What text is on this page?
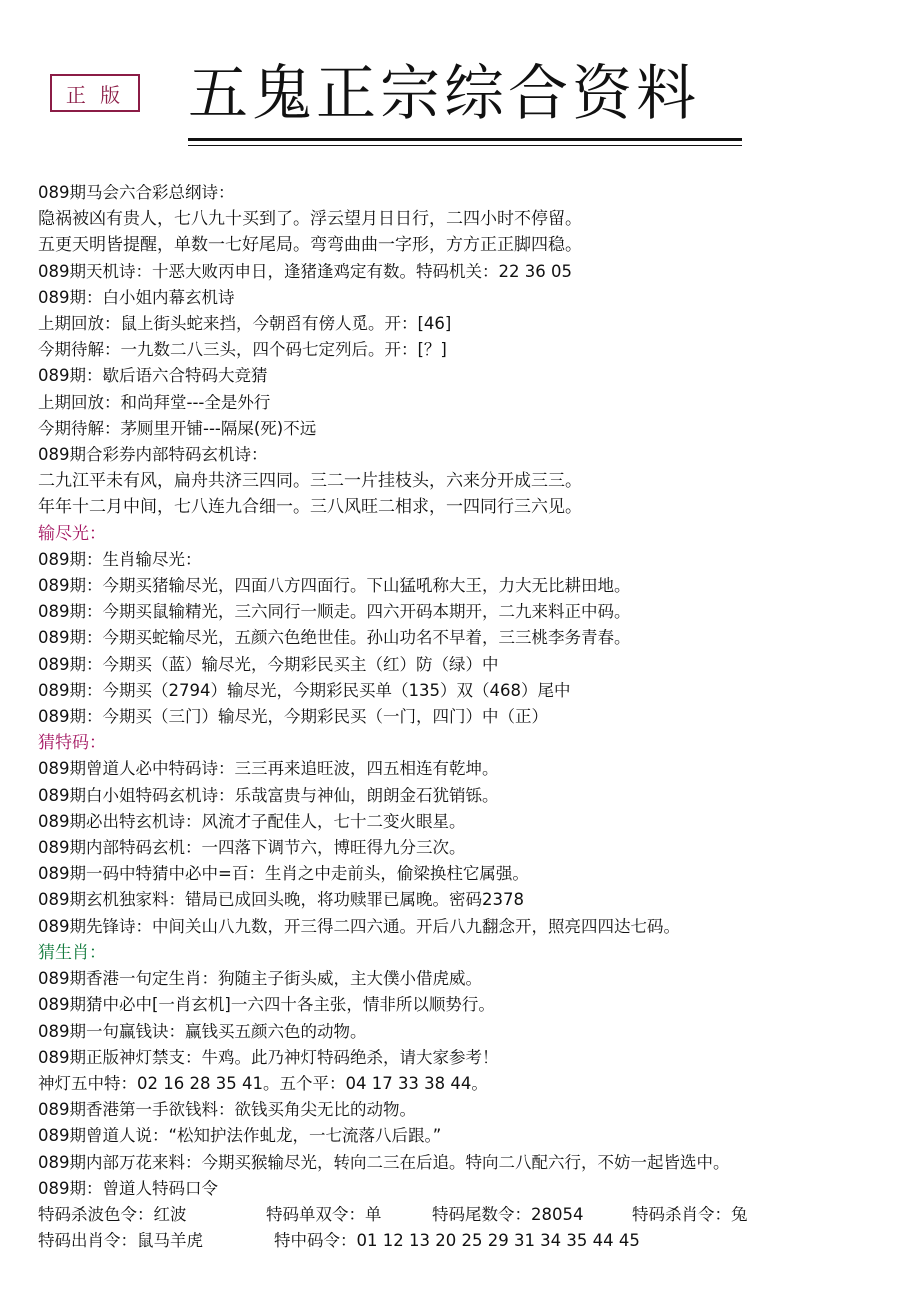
正 版 五鬼正宗综合资料
089期马会六合彩总纲诗：
隐祸被凶有贵人，七八九十买到了。浮云望月日日行，二四小时不停留。
五更天明皆提醒，单数一七好尾局。弯弯曲曲一字形，方方正正脚四稳。
089期天机诗：十恶大败丙申日，逢猪逢鸡定有数。特码机关：22 36 05
089期：白小姐内幕玄机诗
上期回放：鼠上街头蛇来挡，今朝舀有傍人觅。开：[46]
今期待解：一九数二八三头，四个码七定列后。开：[？]
089期：歇后语六合特码大竞猜
上期回放：和尚拜堂---全是外行
今期待解：茅厕里开铺---隔屎(死)不远
089期合彩券内部特码玄机诗：
二九江平未有风，扁舟共济三四同。三二一片挂枝头，六来分开成三三。
年年十二月中间，七八连九合细一。三八风旺二相求，一四同行三六见。
输尽光：
089期：生肖输尽光：
089期：今期买猪输尽光，四面八方四面行。下山猛吼称大王，力大无比耕田地。
089期：今期买鼠输精光，三六同行一顺走。四六开码本期开，二九来料正中码。
089期：今期买蛇输尽光，五颜六色绝世佳。孙山功名不早着，三三桃李务青春。
089期：今期买（蓝）输尽光，今期彩民买主（红）防（绿）中
089期：今期买（2794）输尽光，今期彩民买单（135）双（468）尾中
089期：今期买（三门）输尽光，今期彩民买（一门，四门）中（正）
猜特码：
089期曾道人必中特码诗：三三再来追旺波，四五相连有乾坤。
089期白小姐特码玄机诗：乐哉富贵与神仙，朗朗金石犹销铄。
089期必出特玄机诗：风流才子配佳人，七十二变火眼星。
089期内部特码玄机：一四落下调节六，博旺得九分三次。
089期一码中特猜中必中=百：生肖之中走前头，偷梁换柱它属强。
089期玄机独家料：错局已成回头晚，将功赎罪已属晚。密码2378
089期先锋诗：中间关山八九数，开三得二四六通。开后八九翻念开，照亮四四达七码。
猜生肖：
089期香港一句定生肖：狗随主子街头威，主大僕小借虎威。
089期猜中必中[一肖玄机]一六四十各主张，情非所以顺势行。
089期一句赢钱诀：赢钱买五颜六色的动物。
089期正版神灯禁支：牛鸡。此乃神灯特码绝杀，请大家参考！
神灯五中特：02 16 28 35 41。五个平：04 17 33 38 44。
089期香港第一手欲钱料：欲钱买角尖无比的动物。
089期曾道人说：“松知护法作虬龙，一七流落八后跟。”
089期内部万花来料：今期买猴输尽光，转向二三在后追。特向二八配六行，不妨一起皆选中。
089期：曾道人特码口令
特码杀波色令：红波	特码单双令：单	特码尾数令：28054	特码杀肖令：兔
特码出肖令：鼠马羊虎	特中码令：01 12 13 20 25 29 31 34 35 44 45
